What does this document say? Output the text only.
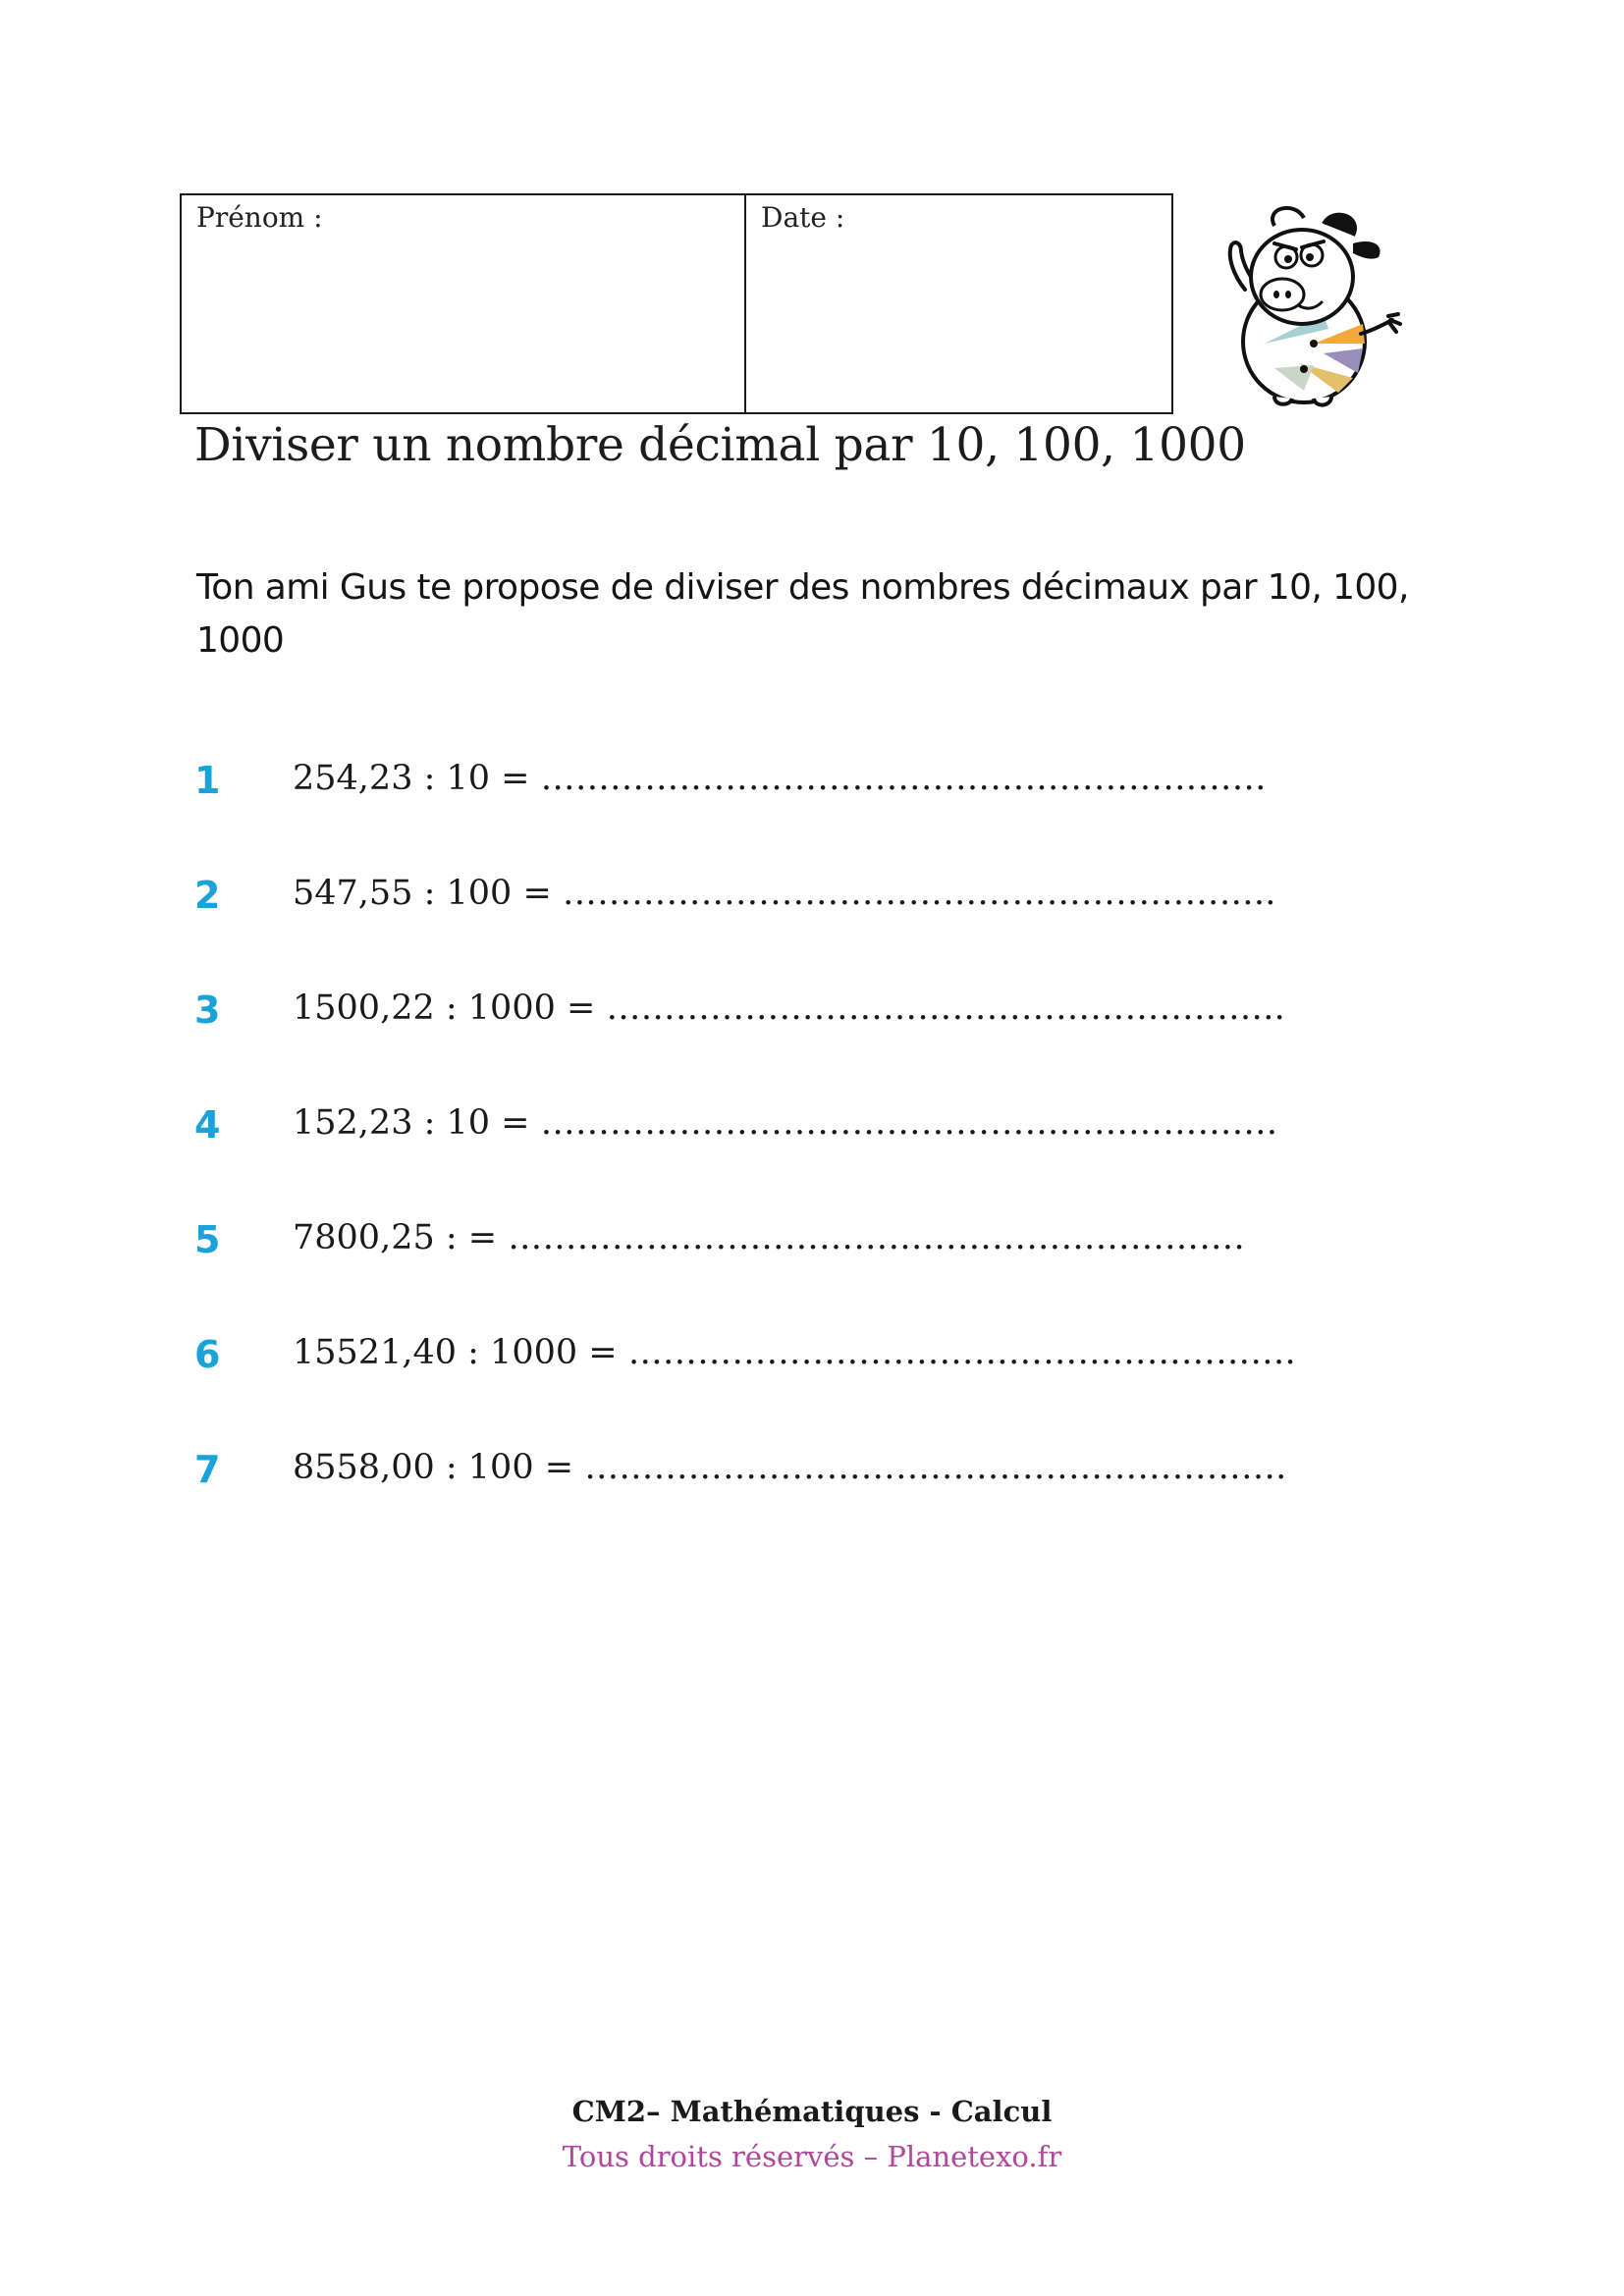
Prénom :	Date :
Diviser un nombre décimal par 10, 100, 1000
Ton ami Gus te propose de diviser des nombres décimaux par 10, 100, 1000
1 254,23 : 10 = ………………………………………………………
2 547,55 : 100 = ……………………………………………………..
3 1500,22 : 1000 = …………………………………………………..
4 152,23 : 10 = ……………………………………………………….
5 7800,25 : = ……………………………………………………….
6 15521,40 : 1000 = ………………………………………………….
7 8558,00 : 100 = …………………………………………………….
CM2– Mathématiques - Calcul
Tous droits réservés – Planetexo.fr
